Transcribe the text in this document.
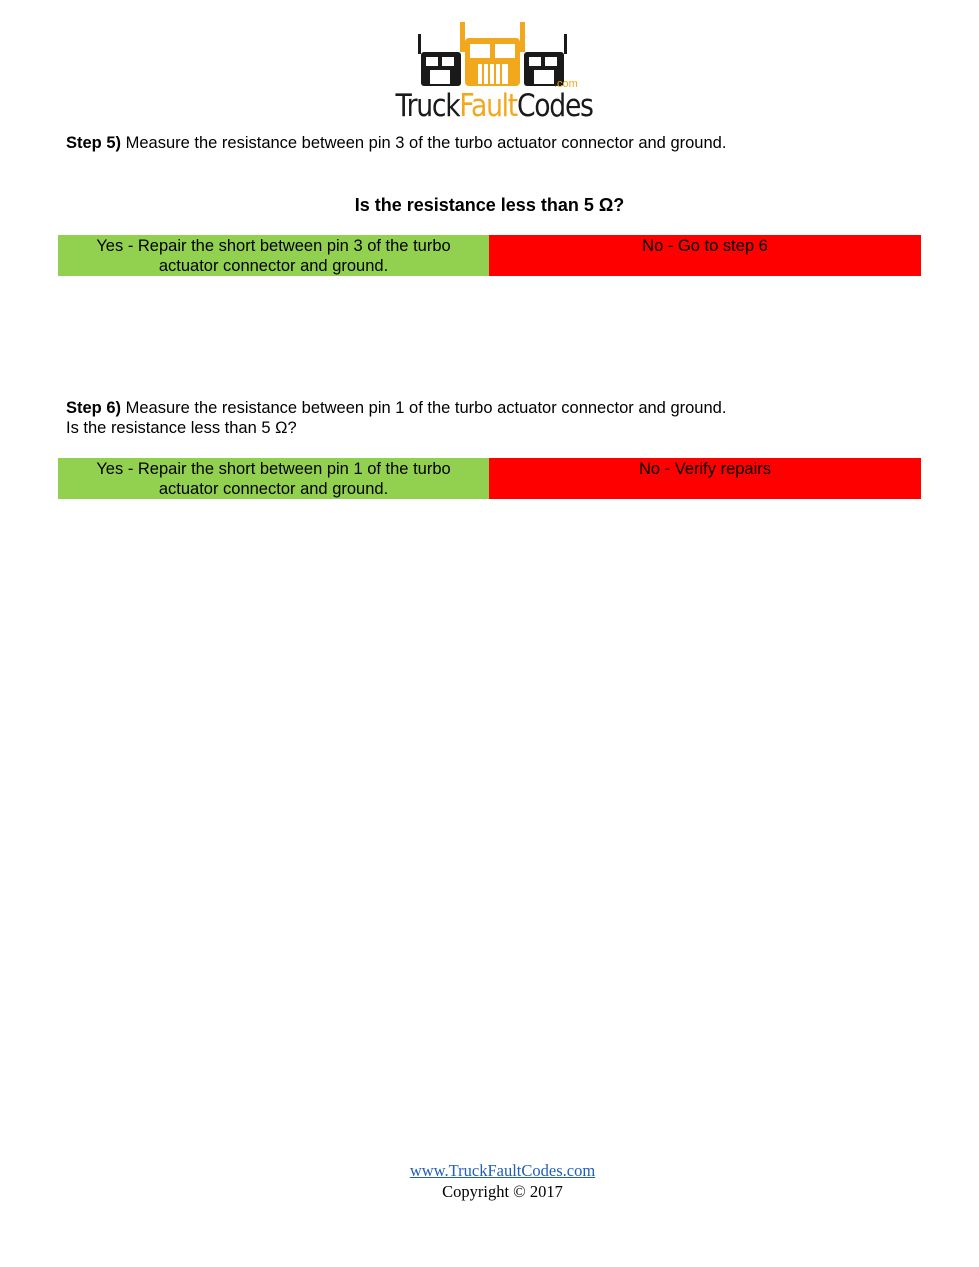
.com
TruckFaultCodes
Step 5) Measure the resistance between pin 3 of the turbo actuator connector and ground.
Is the resistance less than 5 Ω?
Yes - Repair the short between pin 3 of the turbo actuator connector and ground.
No - Go to step 6
Step 6) Measure the resistance between pin 1 of the turbo actuator connector and ground.
Is the resistance less than 5 Ω?
Yes - Repair the short between pin 1 of the turbo actuator connector and ground.
No - Verify repairs
www.TruckFaultCodes.com
Copyright © 2017
